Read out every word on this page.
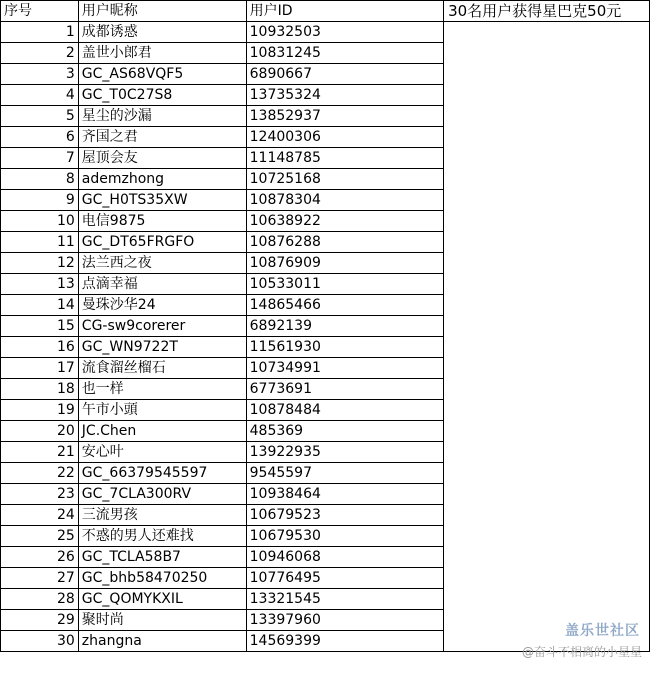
序号	用户昵称	用户ID	30名用户获得星巴克50元
1	成都诱惑	10932503	
2	盖世小郎君	10831245	
3	GC_AS68VQF5	6890667	
4	GC_T0C27S8	13735324	
5	星尘的沙漏	13852937	
6	齐国之君	12400306	
7	屋顶会友	11148785	
8	ademzhong	10725168	
9	GC_H0TS35XW	10878304	
10	电信9875	10638922	
11	GC_DT65FRGFO	10876288	
12	法兰西之夜	10876909	
13	点滴幸福	10533011	
14	曼珠沙华24	14865466	
15	CG-sw9corerer	6892139	
16	GC_WN9722T	11561930	
17	流食溜丝榴石	10734991	
18	也一样	6773691	
19	午市小頭	10878484	
20	JC.Chen	485369	
21	安心叶	13922935	
22	GC_66379545597	9545597	
23	GC_7CLA300RV	10938464	
24	三流男孩	10679523	
25	不惑的男人还难找	10679530	
26	GC_TCLA58B7	10946068	
27	GC_bhb58470250	10776495	
28	GC_QOMYKXIL	13321545	
29	聚时尚	13397960	
30	zhangna	14569399	
盖乐世社区
@奋斗不相离的小星星
